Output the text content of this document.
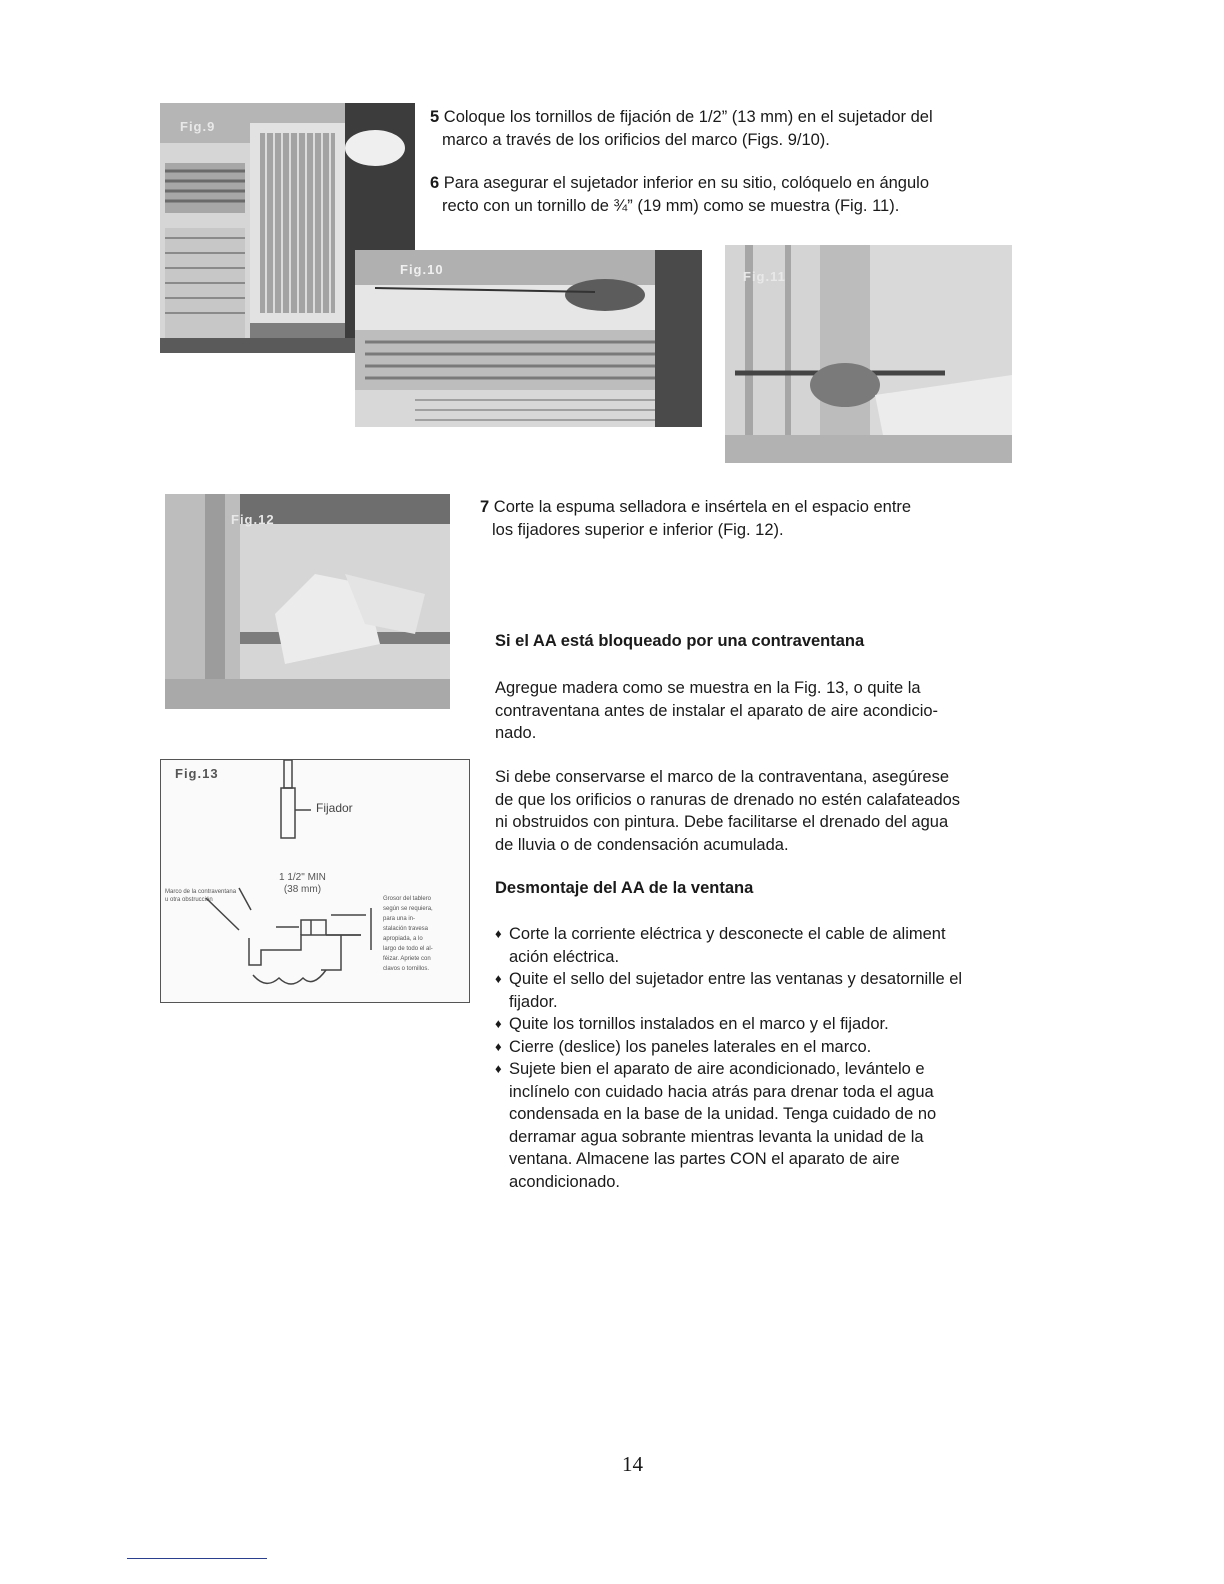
Fig.9
Fig.10	Fig.11
5 Coloque los tornillos de fijación de 1/2” (13 mm) en el sujetador del
marco a través de los orificios del marco (Figs. 9/10).
6 Para asegurar el sujetador inferior en su sitio, colóquelo en ángulo
recto con un tornillo de ¾” (19 mm) como se muestra (Fig. 11).
Fig.12
7 Corte la espuma selladora e insértela en el espacio entre
los fijadores superior e inferior (Fig. 12).
Si el AA está bloqueado por una contraventana
Agregue madera como se muestra en la Fig. 13, o quite la
contraventana antes de instalar el aparato de aire acondicio-
nado.
Si debe conservarse el marco de la contraventana, asegúrese
de que los orificios o ranuras de drenado no estén calafateados
ni obstruidos con pintura. Debe facilitarse el drenado del agua
de lluvia o de condensación acumulada.
Fig.13
Fijador
1 1/2" MIN
(38 mm)
Marco de la contraventana
u otra obstrucción	Grosor del tablero
según se requiera,
para una in-
stalación travesa
apropiada, a lo
largo de todo el al-
féizar. Apriete con
clavos o tornillos.
Desmontaje del AA de la ventana
♦ Corte la corriente eléctrica y desconecte el cable de aliment
ación eléctrica.
♦ Quite el sello del sujetador entre las ventanas y desatornille el
fijador.
♦ Quite los tornillos instalados en el marco y el fijador.
♦ Cierre (deslice) los paneles laterales en el marco.
♦ Sujete bien el aparato de aire acondicionado, levántelo e
inclínelo con cuidado hacia atrás para drenar toda el agua
condensada en la base de la unidad. Tenga cuidado de no
derramar agua sobrante mientras levanta la unidad de la
ventana. Almacene las partes CON el aparato de aire
acondicionado.
14
